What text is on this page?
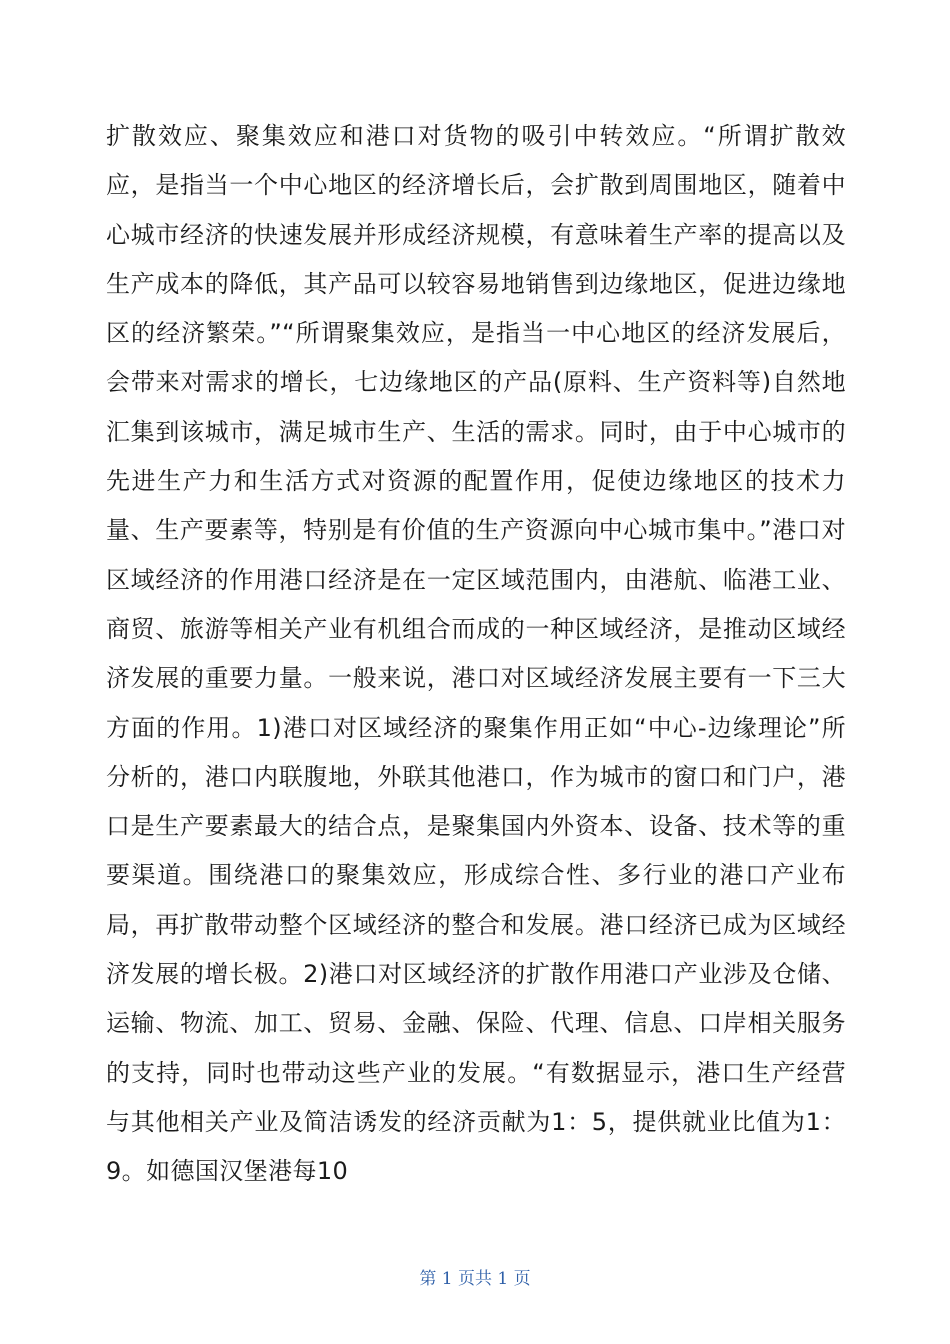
扩散效应、聚集效应和港口对货物的吸引中转效应。“所谓扩散效应，是指当一个中心地区的经济增长后，会扩散到周围地区，随着中心城市经济的快速发展并形成经济规模，有意味着生产率的提高以及生产成本的降低，其产品可以较容易地销售到边缘地区，促进边缘地区的经济繁荣。”“所谓聚集效应，是指当一中心地区的经济发展后，会带来对需求的增长，七边缘地区的产品(原料、生产资料等)自然地汇集到该城市，满足城市生产、生活的需求。同时，由于中心城市的先进生产力和生活方式对资源的配置作用，促使边缘地区的技术力量、生产要素等，特别是有价值的生产资源向中心城市集中。”港口对区域经济的作用港口经济是在一定区域范围内，由港航、临港工业、商贸、旅游等相关产业有机组合而成的一种区域经济，是推动区域经济发展的重要力量。一般来说，港口对区域经济发展主要有一下三大方面的作用。1)港口对区域经济的聚集作用正如“中心-边缘理论”所分析的，港口内联腹地，外联其他港口，作为城市的窗口和门户，港口是生产要素最大的结合点，是聚集国内外资本、设备、技术等的重要渠道。围绕港口的聚集效应，形成综合性、多行业的港口产业布局，再扩散带动整个区域经济的整合和发展。港口经济已成为区域经济发展的增长极。2)港口对区域经济的扩散作用港口产业涉及仓储、运输、物流、加工、贸易、金融、保险、代理、信息、口岸相关服务的支持，同时也带动这些产业的发展。“有数据显示，港口生产经营与其他相关产业及简洁诱发的经济贡献为1：5，提供就业比值为1：9。如德国汉堡港每10

第 1 页共 1 页
